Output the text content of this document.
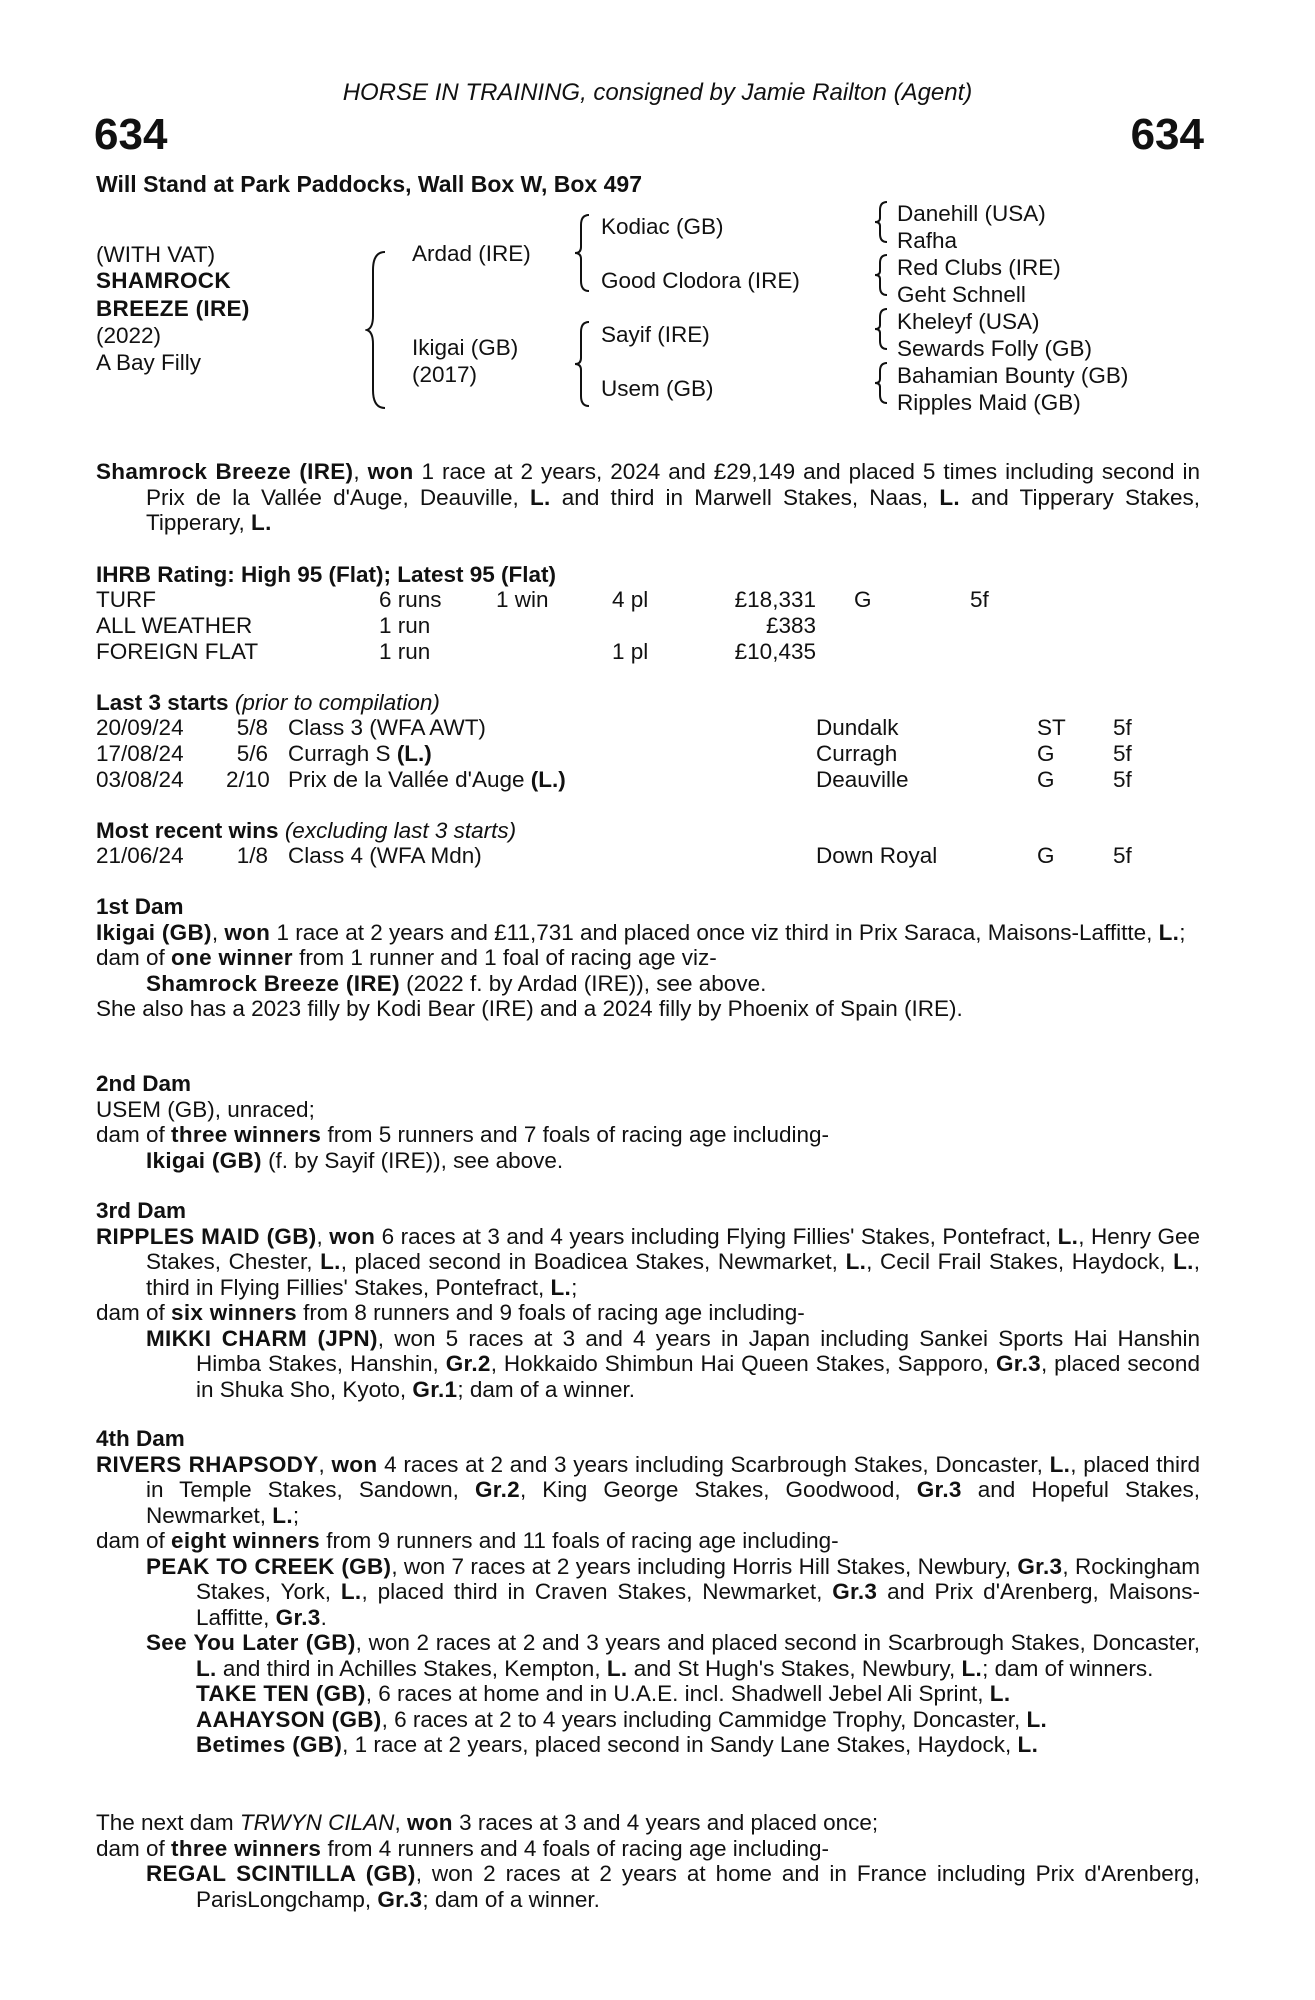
HORSE IN TRAINING, consigned by Jamie Railton (Agent)
634	634
Will Stand at Park Paddocks, Wall Box W, Box 497
(WITH VAT)
SHAMROCK
BREEZE (IRE)
(2022)
A Bay Filly
Ardad (IRE)
Ikigai (GB)
(2017)
Kodiac (GB)
Good Clodora (IRE)
Sayif (IRE)
Usem (GB)
Danehill (USA)
Rafha
Red Clubs (IRE)
Geht Schnell
Kheleyf (USA)
Sewards Folly (GB)
Bahamian Bounty (GB)
Ripples Maid (GB)

Shamrock Breeze (IRE), won 1 race at 2 years, 2024 and £29,149 and placed 5 times including second in Prix de la Vallée d'Auge, Deauville, L. and third in Marwell Stakes, Naas, L. and Tipperary Stakes, Tipperary, L.

IHRB Rating: High 95 (Flat); Latest 95 (Flat)
TURF	6 runs 1 win	4 pl	£18,331 G	5f
ALL WEATHER	1 run	£383
FOREIGN FLAT	1 run	1 pl	£10,435
Last 3 starts (prior to compilation)
20/09/24	5/8 Class 3 (WFA AWT)	Dundalk	ST 5f
17/08/24	5/6 Curragh S (L.)	Curragh	G	5f
03/08/24 2/10 Prix de la Vallée d'Auge (L.)	Deauville	G	5f
Most recent wins (excluding last 3 starts)
21/06/24	1/8 Class 4 (WFA Mdn)	Down Royal	G	5f

1st Dam

Ikigai (GB), won 1 race at 2 years and £11,731 and placed once viz third in Prix Saraca, Maisons-Laffitte, L.;

dam of one winner from 1 runner and 1 foal of racing age viz-

Shamrock Breeze (IRE) (2022 f. by Ardad (IRE)), see above.

She also has a 2023 filly by Kodi Bear (IRE) and a 2024 filly by Phoenix of Spain (IRE).

2nd Dam

USEM (GB), unraced;

dam of three winners from 5 runners and 7 foals of racing age including-

Ikigai (GB) (f. by Sayif (IRE)), see above.

3rd Dam

RIPPLES MAID (GB), won 6 races at 3 and 4 years including Flying Fillies' Stakes, Pontefract, L., Henry Gee Stakes, Chester, L., placed second in Boadicea Stakes, Newmarket, L., Cecil Frail Stakes, Haydock, L., third in Flying Fillies' Stakes, Pontefract, L.;

dam of six winners from 8 runners and 9 foals of racing age including-

MIKKI CHARM (JPN), won 5 races at 3 and 4 years in Japan including Sankei Sports Hai Hanshin Himba Stakes, Hanshin, Gr.2, Hokkaido Shimbun Hai Queen Stakes, Sapporo, Gr.3, placed second in Shuka Sho, Kyoto, Gr.1; dam of a winner.

4th Dam

RIVERS RHAPSODY, won 4 races at 2 and 3 years including Scarbrough Stakes, Doncaster, L., placed third in Temple Stakes, Sandown, Gr.2, King George Stakes, Goodwood, Gr.3 and Hopeful Stakes, Newmarket, L.;

dam of eight winners from 9 runners and 11 foals of racing age including-

PEAK TO CREEK (GB), won 7 races at 2 years including Horris Hill Stakes, Newbury, Gr.3, Rockingham Stakes, York, L., placed third in Craven Stakes, Newmarket, Gr.3 and Prix d'Arenberg, Maisons-Laffitte, Gr.3.

See You Later (GB), won 2 races at 2 and 3 years and placed second in Scarbrough Stakes, Doncaster, L. and third in Achilles Stakes, Kempton, L. and St Hugh's Stakes, Newbury, L.; dam of winners.

TAKE TEN (GB), 6 races at home and in U.A.E. incl. Shadwell Jebel Ali Sprint, L.

AAHAYSON (GB), 6 races at 2 to 4 years including Cammidge Trophy, Doncaster, L.

Betimes (GB), 1 race at 2 years, placed second in Sandy Lane Stakes, Haydock, L.

The next dam TRWYN CILAN, won 3 races at 3 and 4 years and placed once;

dam of three winners from 4 runners and 4 foals of racing age including-

REGAL SCINTILLA (GB), won 2 races at 2 years at home and in France including Prix d'Arenberg, ParisLongchamp, Gr.3; dam of a winner.
